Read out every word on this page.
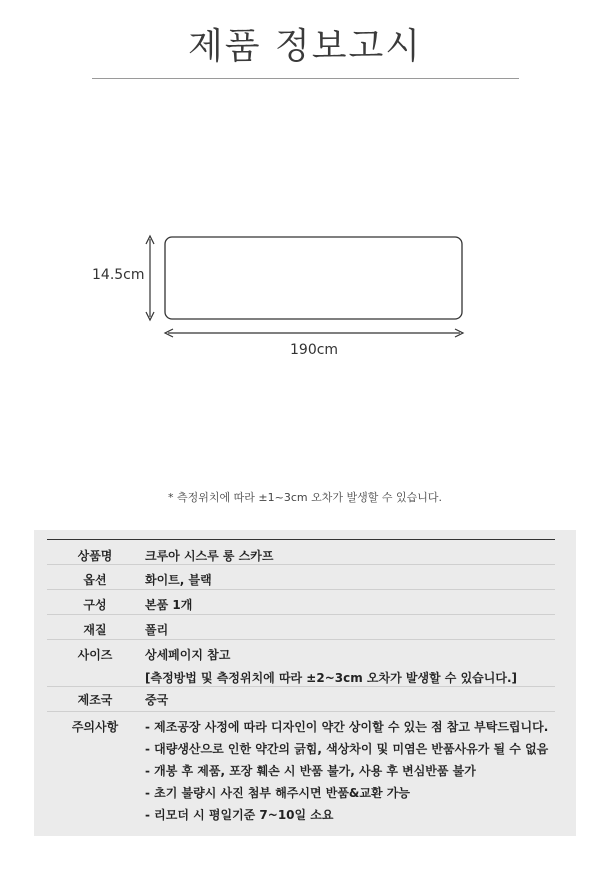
제품 정보고시
14.5cm
190cm
* 측정위치에 따라 ±1~3cm 오차가 발생할 수 있습니다.
상품명	크루아 시스루 롱 스카프
옵션	화이트, 블랙
구성	본품 1개
재질	폴리
사이즈	상세페이지 참고
[측정방법 및 측정위치에 따라 ±2~3cm 오차가 발생할 수 있습니다.]
제조국	중국
주의사항	- 제조공장 사정에 따라 디자인이 약간 상이할 수 있는 점 참고 부탁드립니다.
- 대량생산으로 인한 약간의 긁힘, 색상차이 및 미염은 반품사유가 될 수 없음
- 개봉 후 제품, 포장 훼손 시 반품 불가, 사용 후 변심반품 불가
- 초기 불량시 사진 첨부 해주시면 반품&교환 가능
- 리모더 시 평일기준 7~10일 소요
